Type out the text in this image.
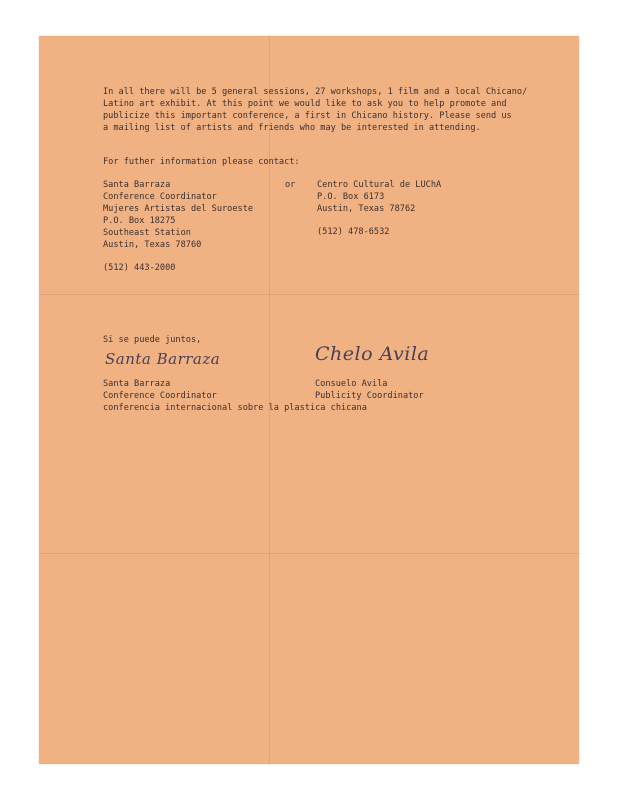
In all there will be 5 general sessions, 27 workshops, 1 film and a local Chicano/

Latino art exhibit. At this point we would like to ask you to help promote and

publicize this important conference, a first in Chicano history. Please send us

a mailing list of artists and friends who may be interested in attending.

For futher information please contact:

Santa Barraza

Conference Coordinator

Mujeres Artistas del Suroeste

P.O. Box 18275

Southeast Station

Austin, Texas 78760

(512) 443-2000

or	Centro Cultural de LUChA

P.O. Box 6173

Austin, Texas 78762

(512) 478-6532

Si se puede juntos,

Santa Barraza	Chelo Avila

Santa Barraza

Conference Coordinator

Consuelo Avila

Publicity Coordinator

conferencia internacional sobre la plastica chicana
